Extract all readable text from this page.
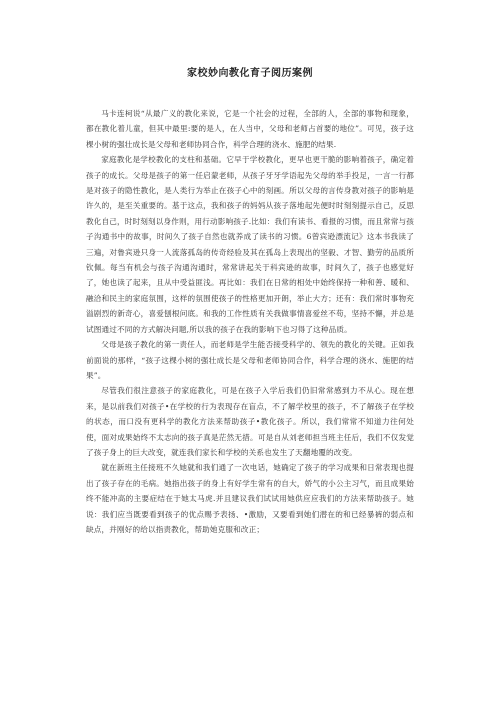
家校妙向教化育子阅历案例

马卡连柯说“从最广义的教化来说，它是一个社会的过程，全部的人，全部的事物和现象，都在教化着儿童，但其中最里:要的是人，在人当中，父母和老师占首要的地位”。可见，孩子这棵小树的强壮成长是父母和老师协同合作，科学合理的浇水、施肥的结果.

家庭教化是学校教化的支柱和基础。它早于学校教化，更早也更干脆的影响着孩子，确定着孩子的成长。父母是孩子的第一任启蒙老师，从孩子牙牙学语起先父母的举手投足，一言一行都是对孩子的隐性教化，是人类行为举止在孩子心中的刻画。所以父母的言传身教对孩子的影响是许久的，是至关重要的。基于这点，我和孩子的妈妈从孩子落地起先便时时刻刻提示自己，反思教化自己，时时刻刻以身作则，用行动影响孩子.比如：我们有读书、看报的习惯，而且常常与孩子沟通书中的故事，时间久了孩子自然也就养成了读书的习惯。6曾宾逊漂流记》这本书我读了三遍，对鲁宾逊只身一人流落孤岛的传奇经验及其在孤岛上表现出的坚毅、才智、勤劳的品质所钦佩。每当有机会与孩子沟通沟通时，常常讲起关于科宾逊的故事，时间久了，孩子也感觉好了，她也读了起来，且从中受益匪浅。再比如：我们在日常的相处中始终保持一种和善、暖和、融洽和民主的家庭氛围，这样的氛围使孩子的性格更加开朗，举止大方；还有：我们常时事物充溢剧烈的新奇心，喜爱刨根问底。和我的工作性质有关我做事情喜爱丝不苟，坚持不懈，并总是试图通过不同的方式解决问题,所以我的孩子在我的影响下也习得了这种品质。

父母是孩子教化的第一责任人，而老师是学生能否接受科学的、领先的教化的关键。正如我前面说的那样，“孩子这棵小树的强壮成长是父母和老师协同合作，科学合理的浇水、施肥的结果”。

尽管我们很注意孩子的家庭教化，可是在孩子入学后我们仍旧常常感到力不从心。现在想来，是以前我们对孩子•在学校的行为表现存在盲点，不了解学校里的孩子，不了解孩子在学校的状态，而口没有更科学的教化方法来帮助孩子•教化孩子。所以，我们常常不知道力往何处使，面对成果始终不太志向的孩子真是茫然无措。可是自从刘老师担当班主任后，我们不仅发觉了孩子身上的巨大改变，就连我们家长和学校的关系也发生了天翻地覆的改变。

就在新班主任接班不久她就和我们通了一次电话，她确定了孩子的学习成果和日常表现也提出了孩子存在的毛病。她指出孩子的身上有好学生常有的自大，娇气的小公主习气，而且成果始终不能冲高的主要症结在于她太马虎.并且建议我们试试用她供应应我们的方法来帮助孩子。她说：我们应当既要看到孩子的优点赐予表扬、•激励，又要看到她们潜在的和已经暴裤的弱点和缺点，并刚好的给以指责教化，帮助她克服和改正；
